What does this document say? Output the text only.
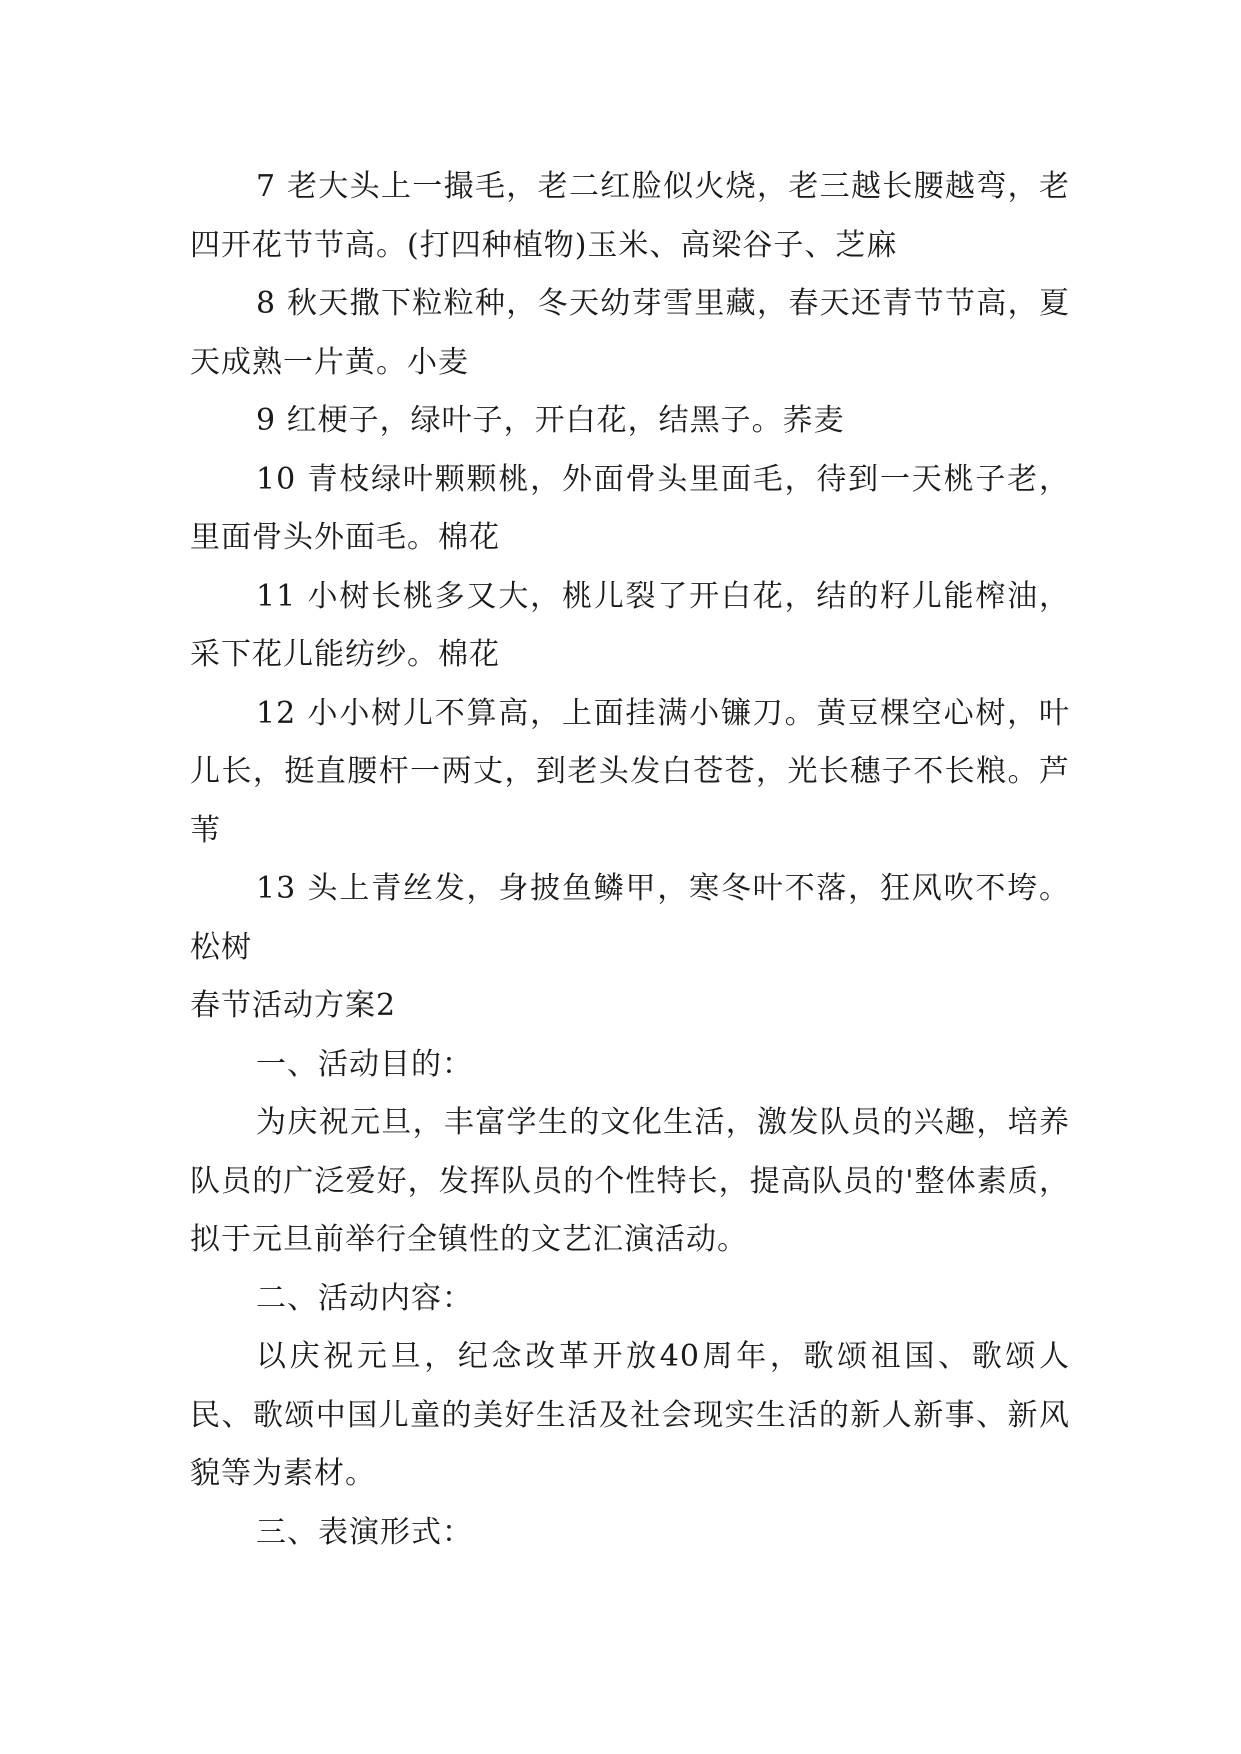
7 老大头上一撮毛，老二红脸似火烧，老三越长腰越弯，老四开花节节高。(打四种植物)玉米、高梁谷子、芝麻

8 秋天撒下粒粒种，冬天幼芽雪里藏，春天还青节节高，夏天成熟一片黄。小麦

9 红梗子，绿叶子，开白花，结黑子。荞麦

10 青枝绿叶颗颗桃，外面骨头里面毛，待到一天桃子老，里面骨头外面毛。棉花

11 小树长桃多又大，桃儿裂了开白花，结的籽儿能榨油，采下花儿能纺纱。棉花

12 小小树儿不算高，上面挂满小镰刀。黄豆棵空心树，叶儿长，挺直腰杆一两丈，到老头发白苍苍，光长穗子不长粮。芦苇

13 头上青丝发，身披鱼鳞甲，寒冬叶不落，狂风吹不垮。松树

春节活动方案2

一、活动目的：

为庆祝元旦，丰富学生的文化生活，激发队员的兴趣，培养队员的广泛爱好，发挥队员的个性特长，提高队员的'整体素质，拟于元旦前举行全镇性的文艺汇演活动。

二、活动内容：

以庆祝元旦，纪念改革开放40周年，歌颂祖国、歌颂人民、歌颂中国儿童的美好生活及社会现实生活的新人新事、新风貌等为素材。

三、表演形式：
